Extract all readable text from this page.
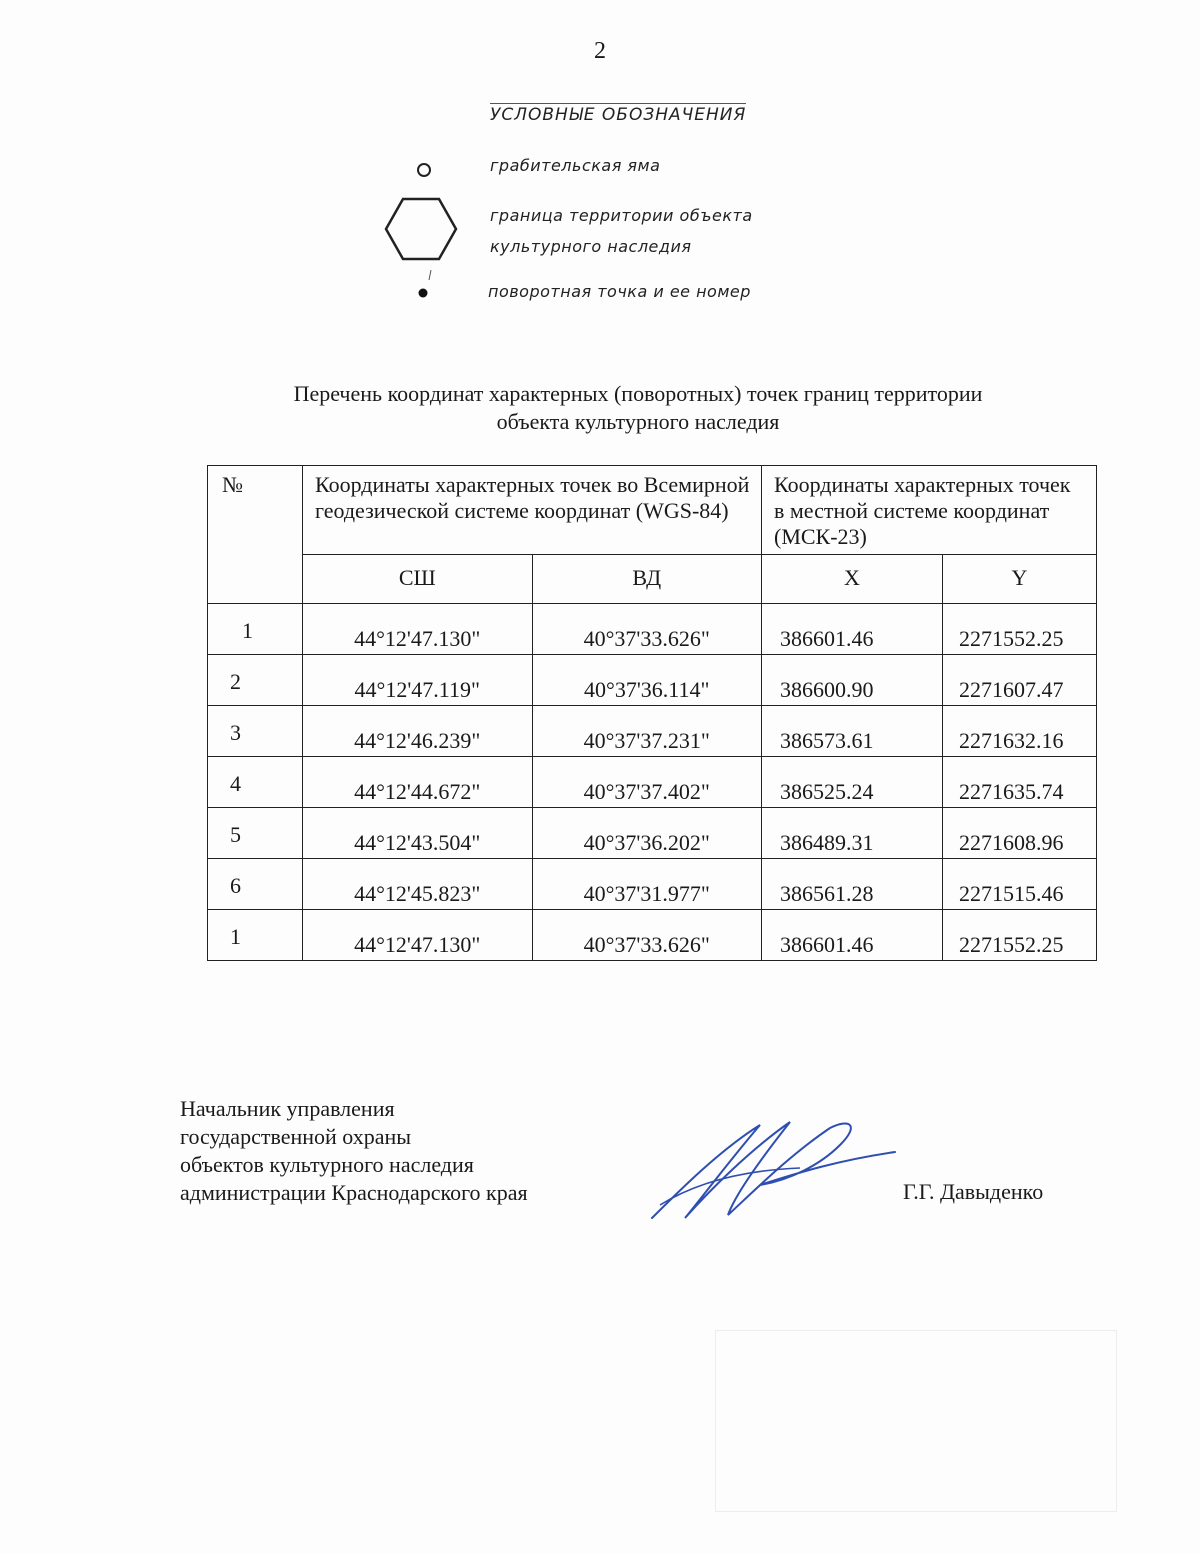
2
УСЛОВНЫЕ ОБОЗНАЧЕНИЯ
грабительская яма
граница территории объекта
культурного наследия
поворотная точка и ее номер
Перечень координат характерных (поворотных) точек границ территории
объекта культурного наследия
№	Координаты характерных точек во Всемирной геодезической системе координат (WGS-84)		Координаты характерных точек в местной системе координат (МСК-23)	
	СШ	ВД	X	Y
1	44°12'47.130"	40°37'33.626"	386601.46	2271552.25
2	44°12'47.119"	40°37'36.114"	386600.90	2271607.47
3	44°12'46.239"	40°37'37.231"	386573.61	2271632.16
4	44°12'44.672"	40°37'37.402"	386525.24	2271635.74
5	44°12'43.504"	40°37'36.202"	386489.31	2271608.96
6	44°12'45.823"	40°37'31.977"	386561.28	2271515.46
1	44°12'47.130"	40°37'33.626"	386601.46	2271552.25
Начальник управления
государственной охраны
объектов культурного наследия
администрации Краснодарского края	Г.Г. Давыденко
